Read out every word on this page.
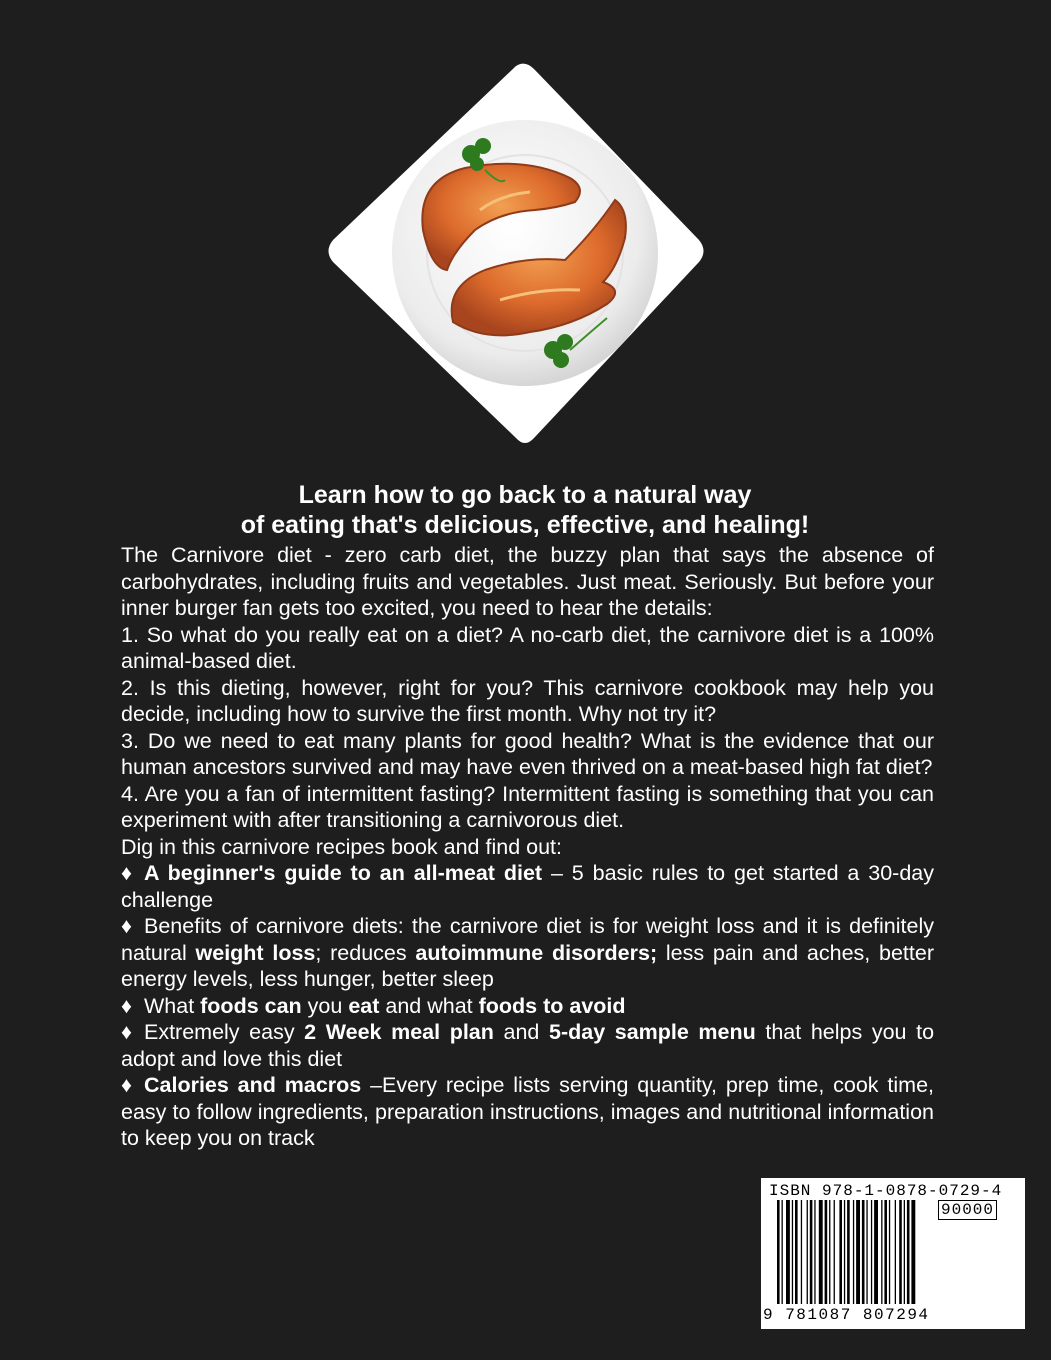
Learn how to go back to a natural way
of eating that's delicious, effective, and healing!

The Carnivore diet - zero carb diet, the buzzy plan that says the absence of carbohydrates, including fruits and vegetables. Just meat. Seriously. But before your inner burger fan gets too excited, you need to hear the details:

1. So what do you really eat on a diet? A no-carb diet, the carnivore diet is a 100% animal-based diet.

2. Is this dieting, however, right for you? This carnivore cookbook may help you decide, including how to survive the first month. Why not try it?

3. Do we need to eat many plants for good health? What is the evidence that our human ancestors survived and may have even thrived on a meat-based high fat diet?

4. Are you a fan of intermittent fasting? Intermittent fasting is something that you can experiment with after transitioning a carnivorous diet.

Dig in this carnivore recipes book and find out:

♦ A beginner's guide to an all-meat diet – 5 basic rules to get started a 30-day challenge

♦ Benefits of carnivore diets: the carnivore diet is for weight loss and it is definitely natural weight loss; reduces autoimmune disorders; less pain and aches, better energy levels, less hunger, better sleep

♦ What foods can you eat and what foods to avoid

♦ Extremely easy 2 Week meal plan and 5-day sample menu that helps you to adopt and love this diet

♦ Calories and macros –Every recipe lists serving quantity, prep time, cook time, easy to follow ingredients, preparation instructions, images and nutritional information to keep you on track

ISBN 978-1-0878-0729-4
90000
9 781087 807294
